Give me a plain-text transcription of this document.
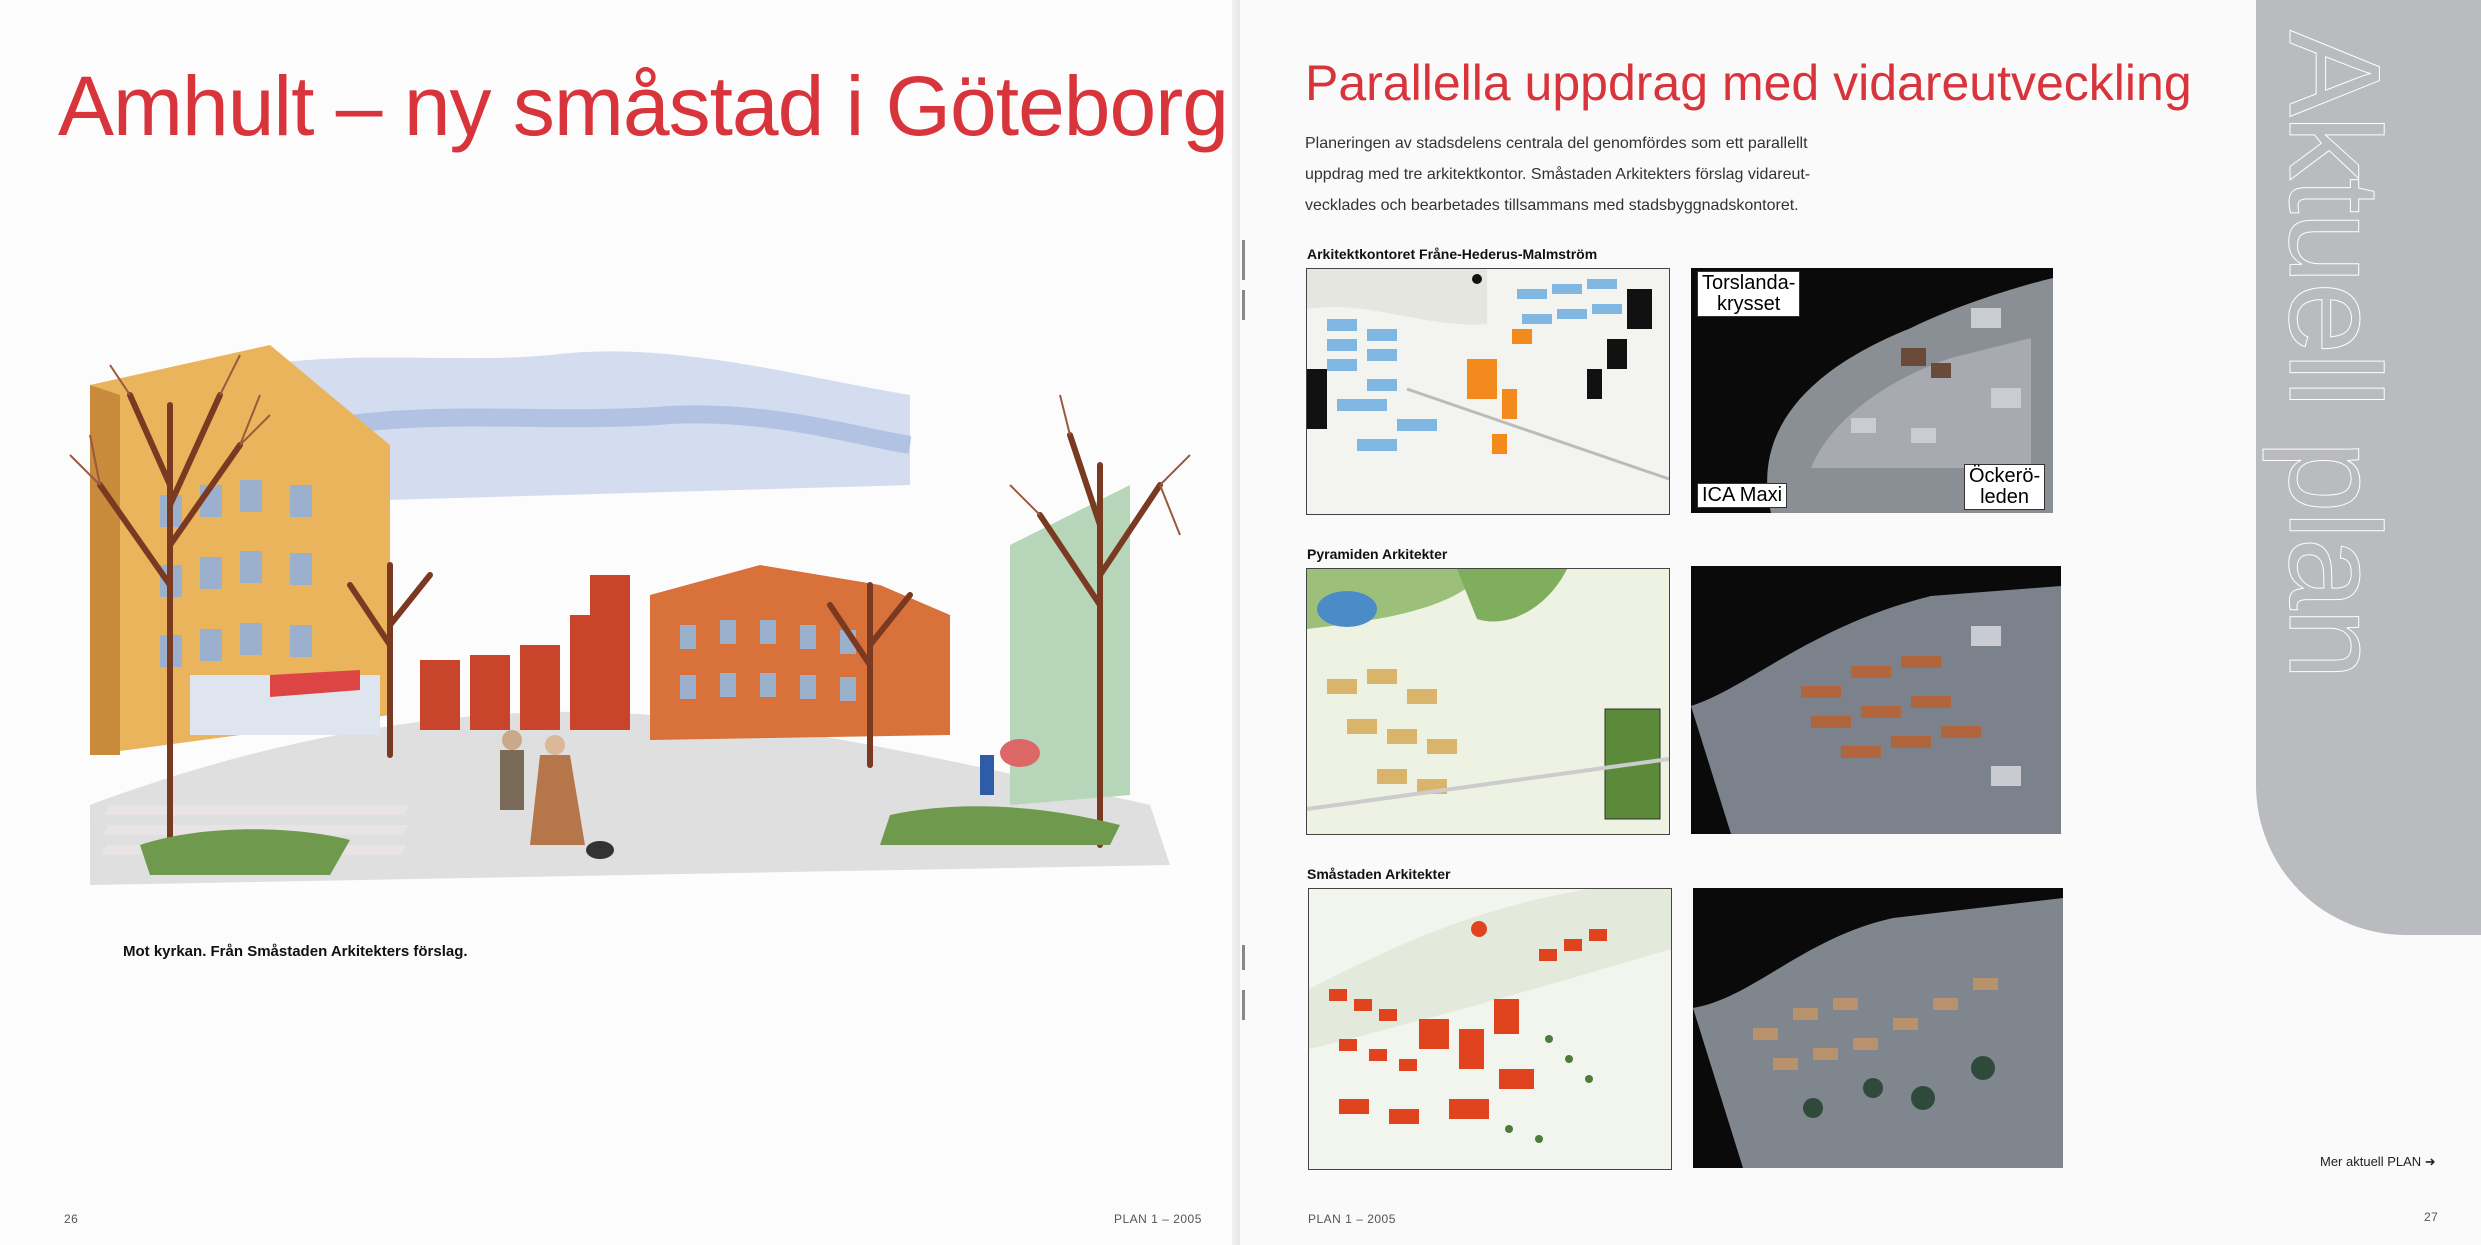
Amhult – ny småstad i Göteborg
Mot kyrkan. Från Småstaden Arkitekters förslag.
26	PLAN 1 – 2005
Aktuell plan
Parallella uppdrag med vidareutveckling
Planeringen av stadsdelens centrala del genomfördes som ett parallellt
uppdrag med tre arkitektkontor. Småstaden Arkitekters förslag vidareut-
vecklades och bearbetades tillsammans med stadsbyggnadskontoret.
Arkitektkontoret Fråne-Hederus-Malmström
Torslanda-
krysset
ICA Maxi
Öckerö-
leden
Pyramiden Arkitekter
Småstaden Arkitekter
Mer aktuell PLAN ➜
PLAN 1 – 2005	27
